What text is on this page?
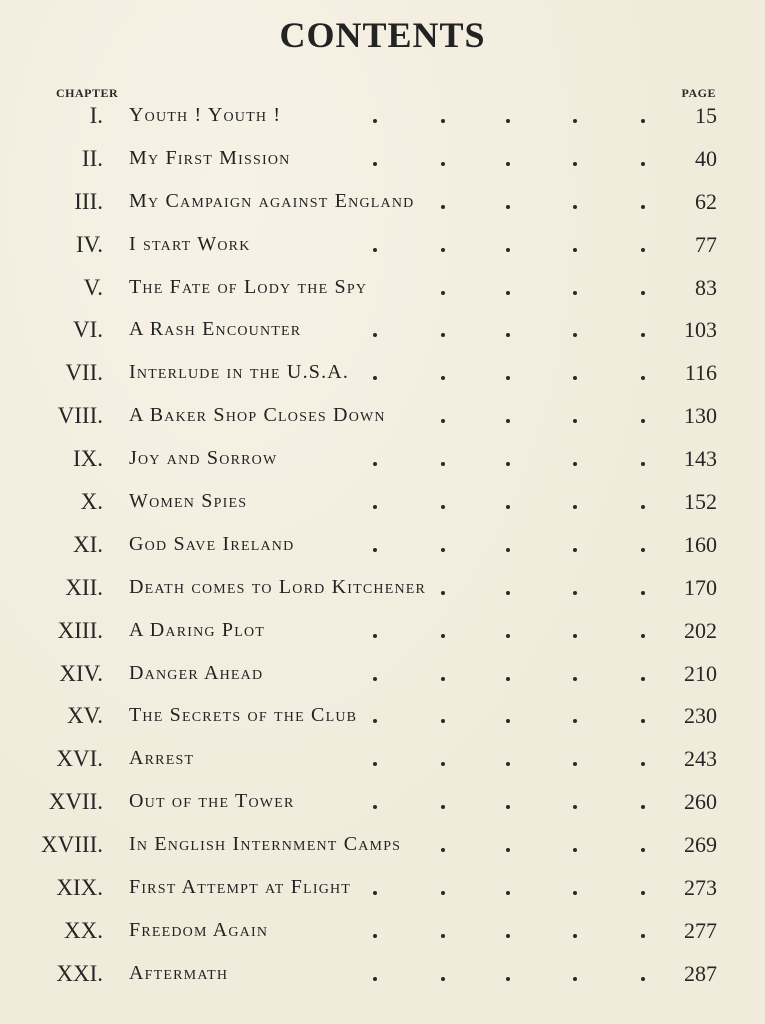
CONTENTS
CHAPTER	PAGE
I. Youth ! Youth !	15
II. My First Mission	40
III. My Campaign against England	62
IV. I start Work	77
V. The Fate of Lody the Spy	83
VI. A Rash Encounter	103
VII. Interlude in the U.S.A.	116
VIII. A Baker Shop Closes Down	130
IX. Joy and Sorrow	143
X. Women Spies	152
XI. God Save Ireland	160
XII. Death comes to Lord Kitchener	170
XIII. A Daring Plot	202
XIV. Danger Ahead	210
XV. The Secrets of the Club	230
XVI. Arrest	243
XVII. Out of the Tower	260
XVIII. In English Internment Camps	269
XIX. First Attempt at Flight	273
XX. Freedom Again	277
XXI. Aftermath	287
